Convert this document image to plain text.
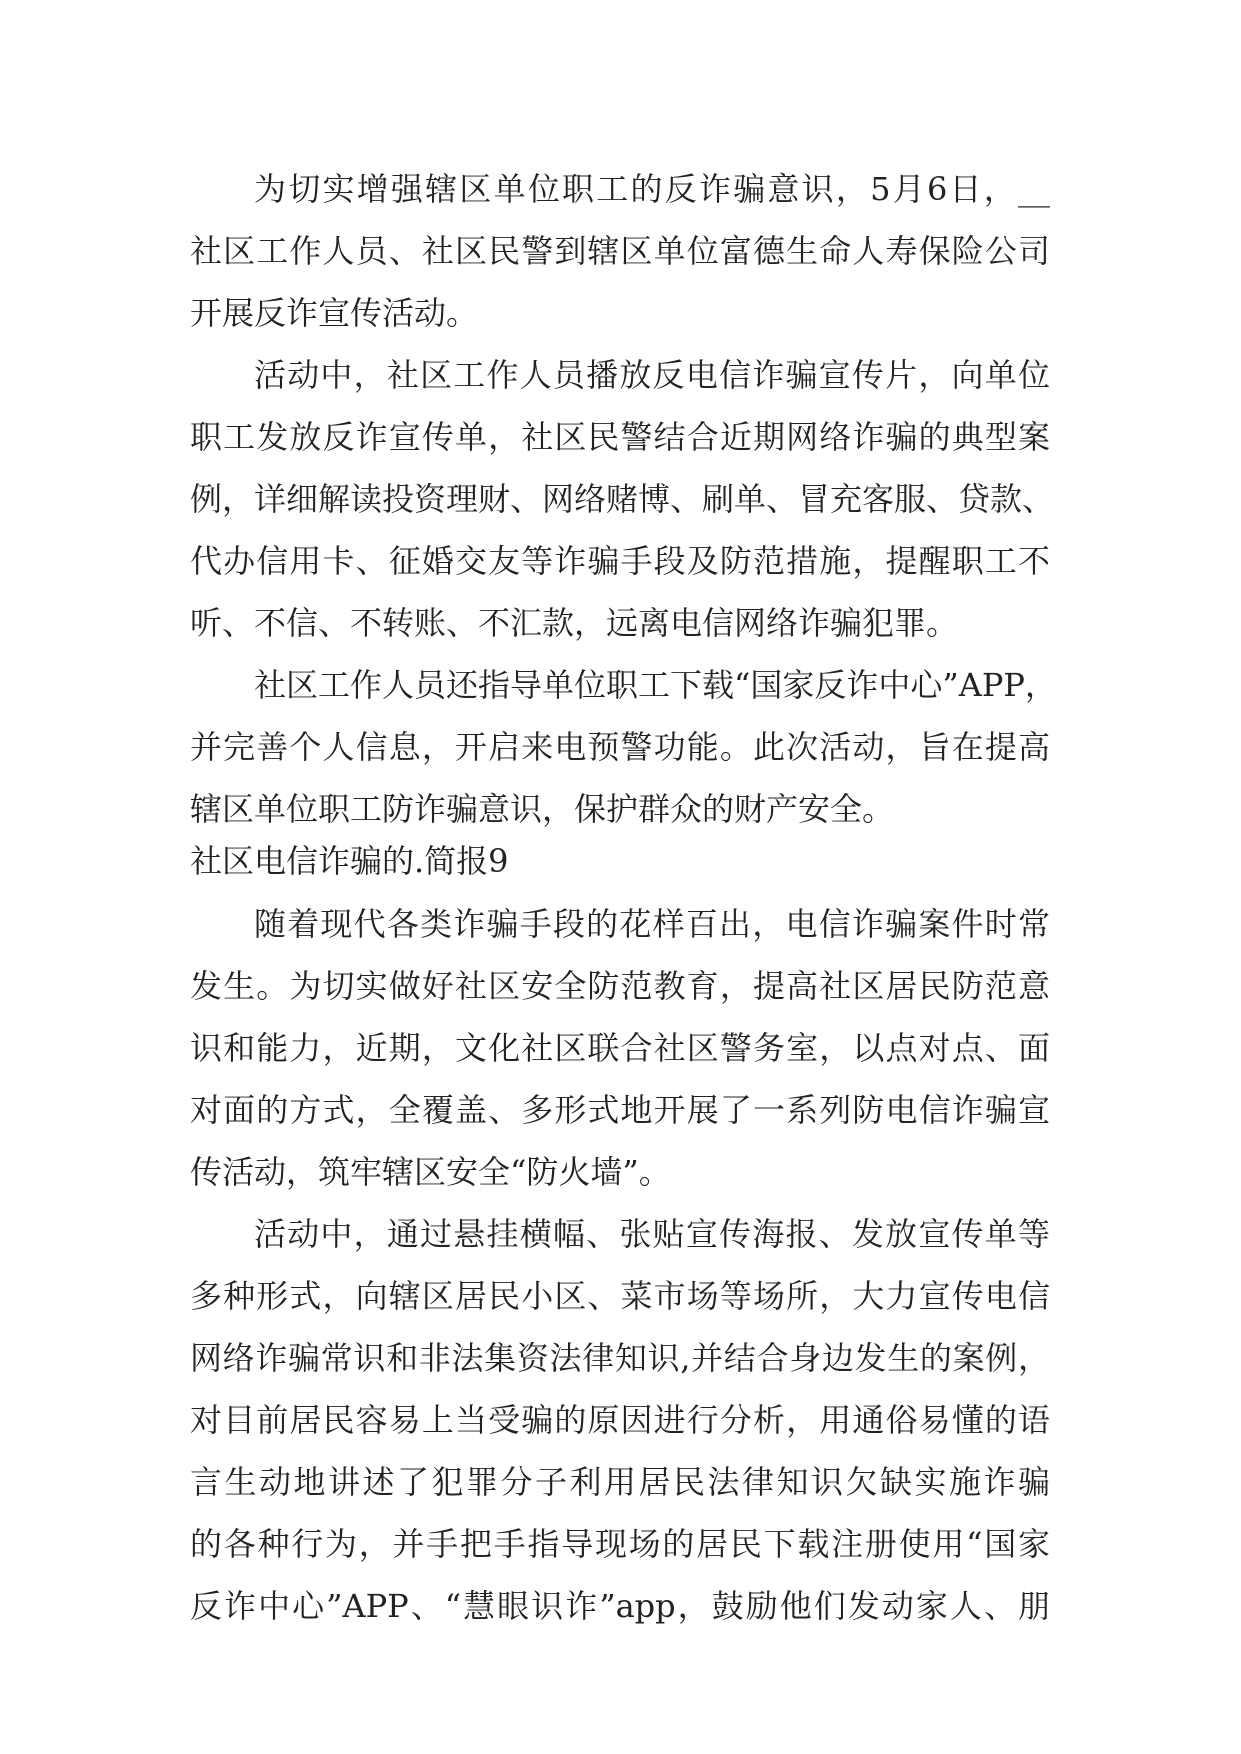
为切实增强辖区单位职工的反诈骗意识，5月6日，__
社区工作人员、社区民警到辖区单位富德生命人寿保险公司
开展反诈宣传活动。
活动中，社区工作人员播放反电信诈骗宣传片，向单位
职工发放反诈宣传单，社区民警结合近期网络诈骗的典型案
例，详细解读投资理财、网络赌博、刷单、冒充客服、贷款、
代办信用卡、征婚交友等诈骗手段及防范措施，提醒职工不
听、不信、不转账、不汇款，远离电信网络诈骗犯罪。
社区工作人员还指导单位职工下载“国家反诈中心”APP，
并完善个人信息，开启来电预警功能。此次活动，旨在提高
辖区单位职工防诈骗意识，保护群众的财产安全。
社区电信诈骗的.简报9
随着现代各类诈骗手段的花样百出，电信诈骗案件时常
发生。为切实做好社区安全防范教育，提高社区居民防范意
识和能力，近期，文化社区联合社区警务室，以点对点、面
对面的方式，全覆盖、多形式地开展了一系列防电信诈骗宣
传活动，筑牢辖区安全“防火墙”。
活动中，通过悬挂横幅、张贴宣传海报、发放宣传单等
多种形式，向辖区居民小区、菜市场等场所，大力宣传电信
网络诈骗常识和非法集资法律知识,并结合身边发生的案例，
对目前居民容易上当受骗的原因进行分析，用通俗易懂的语
言生动地讲述了犯罪分子利用居民法律知识欠缺实施诈骗
的各种行为，并手把手指导现场的居民下载注册使用“国家
反诈中心”APP、“慧眼识诈”app，鼓励他们发动家人、朋
